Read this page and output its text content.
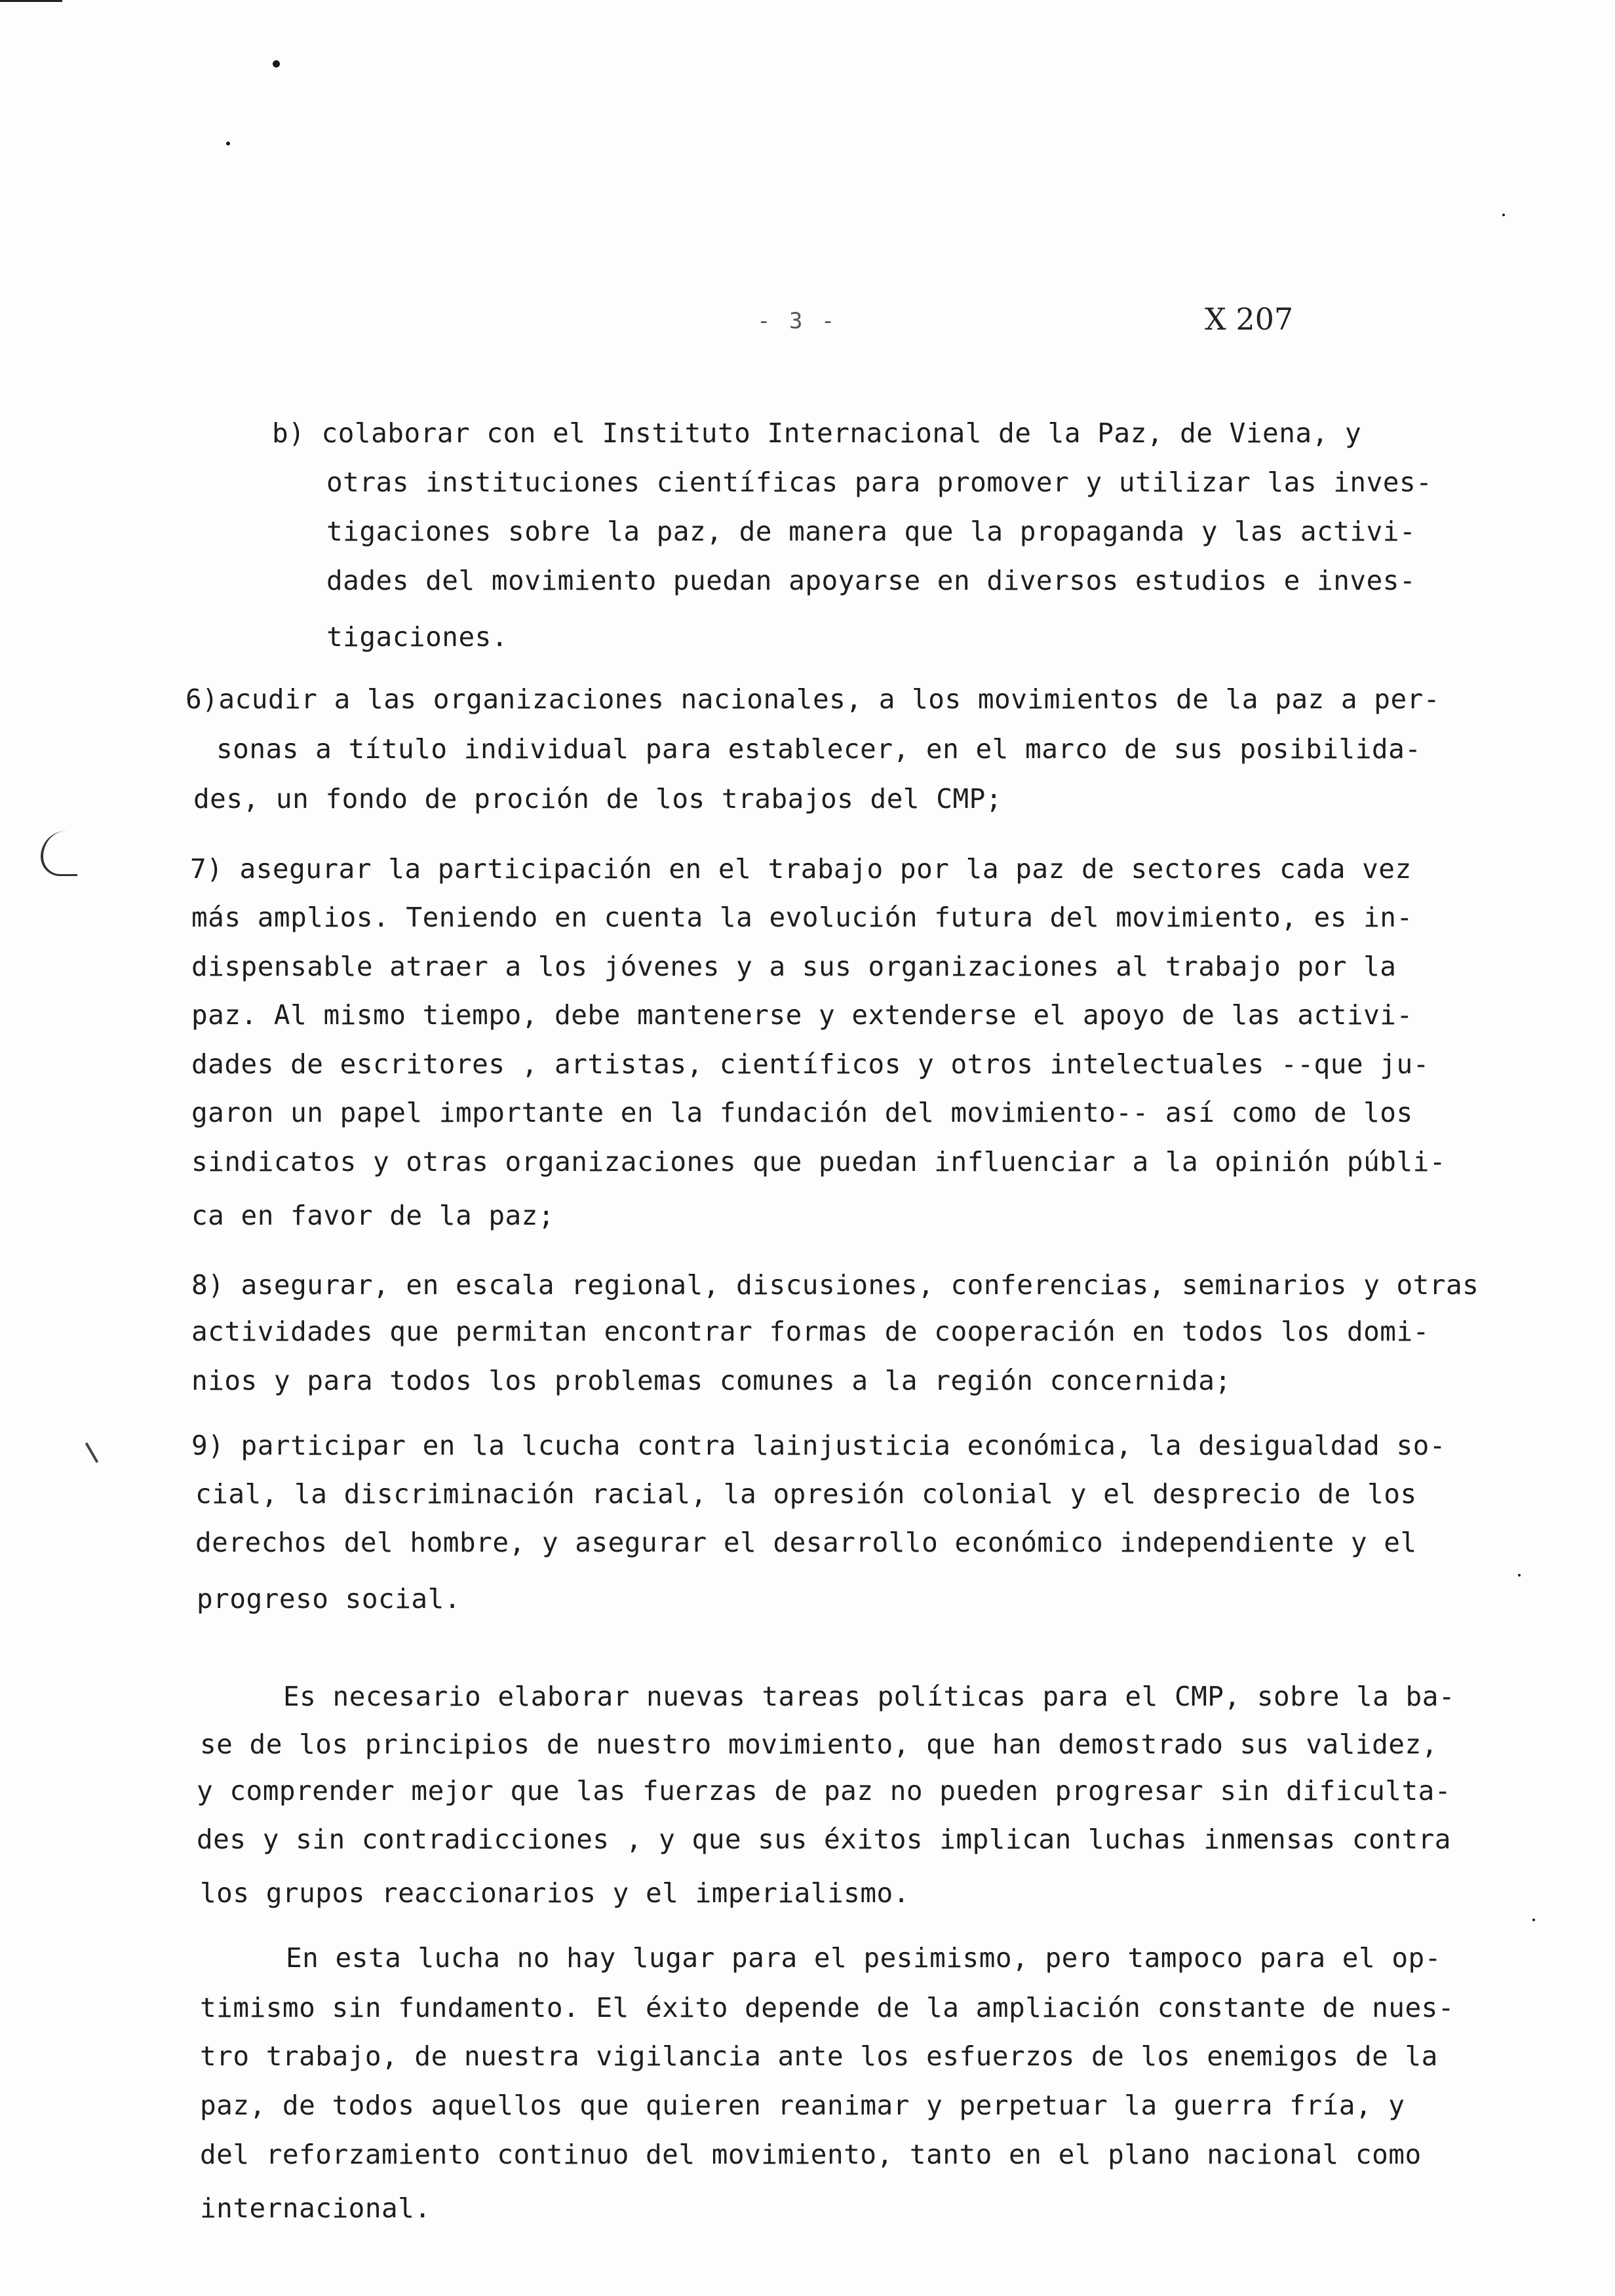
- 3 -	X 207
b) colaborar con el Instituto Internacional de la Paz, de Viena, y
otras instituciones científicas para promover y utilizar las inves-
tigaciones sobre la paz, de manera que la propaganda y las activi-
dades del movimiento puedan apoyarse en diversos estudios e inves-
tigaciones.
6)acudir a las organizaciones nacionales, a los movimientos de la paz a per-
sonas a título individual para establecer, en el marco de sus posibilida-
des, un fondo de proción de los trabajos del CMP;
7) asegurar la participación en el trabajo por la paz de sectores cada vez
más amplios. Teniendo en cuenta la evolución futura del movimiento, es in-
dispensable atraer a los jóvenes y a sus organizaciones al trabajo por la
paz. Al mismo tiempo, debe mantenerse y extenderse el apoyo de las activi-
dades de escritores , artistas, científicos y otros intelectuales --que ju-
garon un papel importante en la fundación del movimiento-- así como de los
sindicatos y otras organizaciones que puedan influenciar a la opinión públi-
ca en favor de la paz;
8) asegurar, en escala regional, discusiones, conferencias, seminarios y otras
actividades que permitan encontrar formas de cooperación en todos los domi-
nios y para todos los problemas comunes a la región concernida;
9) participar en la lcucha contra lainjusticia económica, la desigualdad so-
cial, la discriminación racial, la opresión colonial y el desprecio de los
derechos del hombre, y asegurar el desarrollo económico independiente y el
progreso social.
Es necesario elaborar nuevas tareas políticas para el CMP, sobre la ba-
se de los principios de nuestro movimiento, que han demostrado sus validez,
y comprender mejor que las fuerzas de paz no pueden progresar sin dificulta-
des y sin contradicciones , y que sus éxitos implican luchas inmensas contra
los grupos reaccionarios y el imperialismo.
En esta lucha no hay lugar para el pesimismo, pero tampoco para el op-
timismo sin fundamento. El éxito depende de la ampliación constante de nues-
tro trabajo, de nuestra vigilancia ante los esfuerzos de los enemigos de la
paz, de todos aquellos que quieren reanimar y perpetuar la guerra fría, y
del reforzamiento continuo del movimiento, tanto en el plano nacional como
internacional.
